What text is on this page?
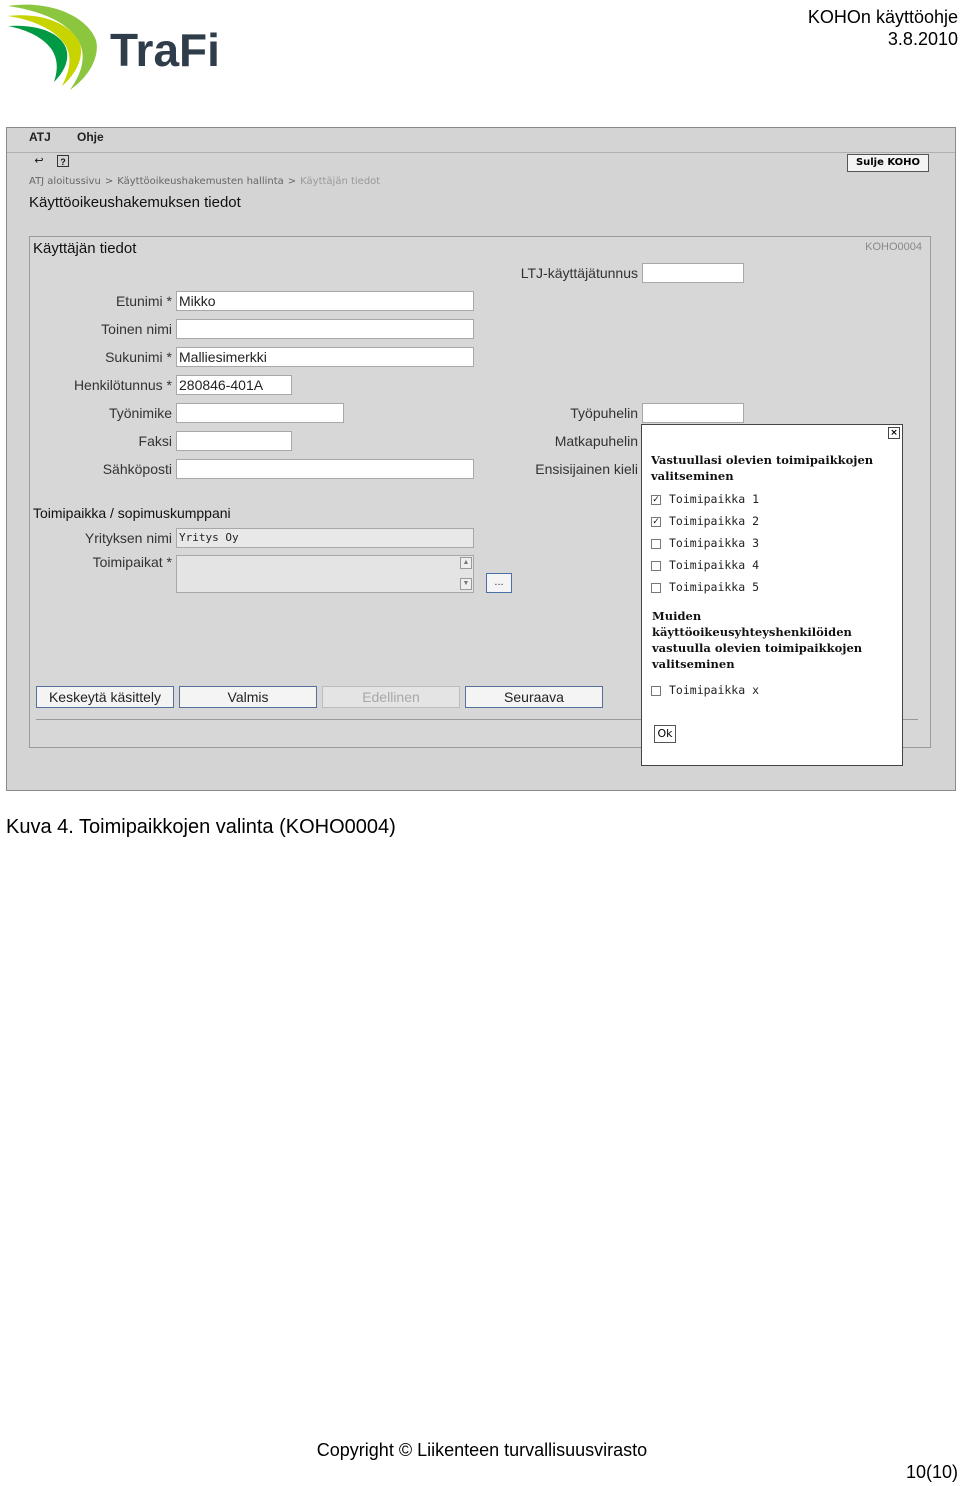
TraFi
KOHOn käyttöohje
3.8.2010
ATJ Ohje
↩	?	Sulje KOHO
ATJ aloitussivu > Käyttöoikeushakemusten hallinta > Käyttäjän tiedot
Käyttöoikeushakemuksen tiedot
Käyttäjän tiedot	KOHO0004
LTJ-käyttäjätunnus
Etunimi * Mikko
Toinen nimi
Sukunimi * Malliesimerkki
Henkilötunnus * 280846-401A
Työnimike	Työpuhelin
Faksi	Matkapuhelin
Sähköposti	Ensisijainen kieli
Toimipaikka / sopimuskumppani
Yrityksen nimi Yritys Oy
Toimipaikat *	▲
▼	...
Keskeytä käsittely	Valmis	Edellinen	Seuraava
×
Vastuullasi olevien toimipaikkojen valitseminen
✓ Toimipaikka 1
✓ Toimipaikka 2
Toimipaikka 3
Toimipaikka 4
Toimipaikka 5
Muiden käyttöoikeusyhteyshenkilöiden vastuulla olevien toimipaikkojen valitseminen
Toimipaikka x
Ok
Kuva 4. Toimipaikkojen valinta (KOHO0004)
Copyright © Liikenteen turvallisuusvirasto
10(10)
